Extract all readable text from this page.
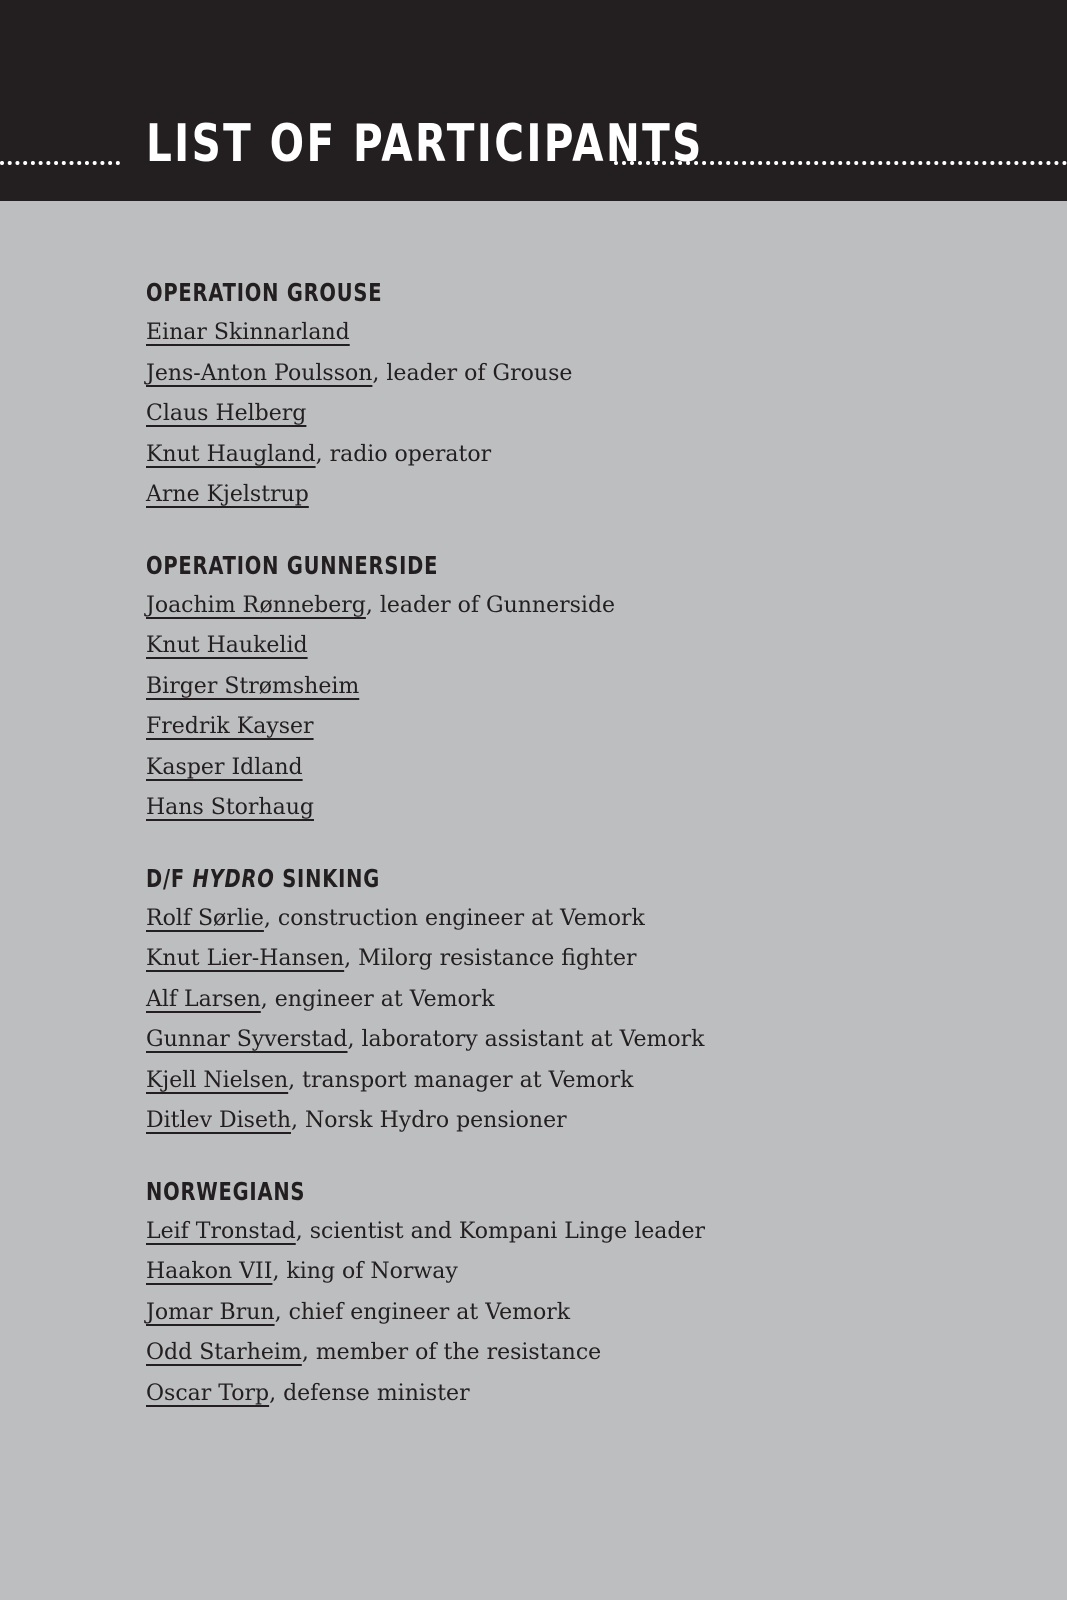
LIST OF PARTICIPANTS
OPERATION GROUSE
Einar Skinnarland
Jens-Anton Poulsson, leader of Grouse
Claus Helberg
Knut Haugland, radio operator
Arne Kjelstrup
OPERATION GUNNERSIDE
Joachim Rønneberg, leader of Gunnerside
Knut Haukelid
Birger Strømsheim
Fredrik Kayser
Kasper Idland
Hans Storhaug
D/F HYDRO SINKING
Rolf Sørlie, construction engineer at Vemork
Knut Lier-Hansen, Milorg resistance fighter
Alf Larsen, engineer at Vemork
Gunnar Syverstad, laboratory assistant at Vemork
Kjell Nielsen, transport manager at Vemork
Ditlev Diseth, Norsk Hydro pensioner
NORWEGIANS
Leif Tronstad, scientist and Kompani Linge leader
Haakon VII, king of Norway
Jomar Brun, chief engineer at Vemork
Odd Starheim, member of the resistance
Oscar Torp, defense minister
